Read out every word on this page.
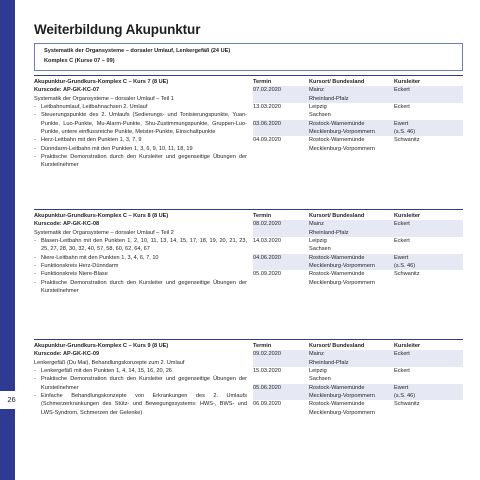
26
Weiterbildung Akupunktur
Systematik der Organsysteme – dorsaler Umlauf, Lenkergefäß (24 UE)
Komplex C (Kurse 07 – 09)
Akupunktur-Grundkurs-Komplex C – Kurs 7 (8 UE)
Kurscode: AP-GK-KC-07
Systematik der Organsysteme – dorsaler Umlauf – Teil 1
- Leitbahnumlauf, Leitbahnachsen 2. Umlauf
- Steuerungspunkte des 2. Umlaufs (Sedierungs- und Tonisierungspunkte, Yuan-Punkte, Luo-Punkte, Mu-Alarm-Punkte, Shu-Zustimmungspunkte, Gruppen-Luo-Punkte, untere einflussreiche Punkte, Meister-Punkte, Einschaltpunkte
- Herz-Leitbahn mit den Punkten 1, 3, 7, 9
- Dünndarm-Leitbahn mit den Punkten 1, 3, 6, 9, 10, 11, 18, 19
- Praktische Demonstration durch den Kursleiter und gegenseitige Übungen der Kursteilnehmer
Termin	Kursort/ Bundesland	Kursleiter
07.02.2020	Mainz	Eckert
	Rheinland-Pfalz	
13.03.2020	Leipzig	Eckert
	Sachsen	
03.06.2020	Rostock-Warnemünde	Ewert
	Mecklenburg-Vorpommern	(s.S. 46)
04.09.2020	Rostock-Warnemünde	Schwanitz
	Mecklenburg-Vorpommern	
Akupunktur-Grundkurs-Komplex C – Kurs 8 (8 UE)
Kurscode: AP-GK-KC-08
Systematik der Organsysteme – dorsaler Umlauf – Teil 2
- Blasen-Leitbahn mit den Punkten 1, 2, 10, 11, 13, 14, 15, 17, 18, 19, 20, 21, 23, 25, 27, 28, 30, 32, 40, 57, 58, 60, 62, 64, 67
- Niere-Leitbahn mit den Punkten 1, 3, 4, 6, 7, 10
- Funktionskreis Herz-Dünndarm
- Funktionskreis Niere-Blase
- Praktische Demonstration durch den Kursleiter und gegenseitige Übungen der Kursteilnehmer
Termin	Kursort/ Bundesland	Kursleiter
08.02.2020	Mainz	Eckert
	Rheinland-Pfalz	
14.03.2020	Leipzig	Eckert
	Sachsen	
04.06.2020	Rostock-Warnemünde	Ewert
	Mecklenburg-Vorpommern	(s.S. 46)
05.09.2020	Rostock-Warnemünde	Schwanitz
	Mecklenburg-Vorpommern	
Akupunktur-Grundkurs-Komplex C – Kurs 9 (8 UE)
Kurscode: AP-GK-KC-09
Lenkergefäß (Du Mai), Behandlungskonzepte zum 2. Umlauf
- Lenkergefäß mit den Punkten 1, 4, 14, 15, 16, 20, 26
- Praktische Demonstration durch den Kursleiter und gegenseitige Übungen der Kursteilnehmer
- Einfache Behandlungskonzepte von Erkrankungen des 2. Umlaufs (Schmerzerkrankungen des Stütz- und Bewegungssystems: HWS-, BWS- und LWS-Syndrom, Schmerzen der Gelenke)
Termin	Kursort/ Bundesland	Kursleiter
09.02.2020	Mainz	Eckert
	Rheinland-Pfalz	
15.03.2020	Leipzig	Eckert
	Sachsen	
05.06.2020	Rostock-Warnemünde	Ewert
	Mecklenburg-Vorpommern	(s.S. 46)
06.09.2020	Rostock-Warnemünde	Schwanitz
	Mecklenburg-Vorpommern	
